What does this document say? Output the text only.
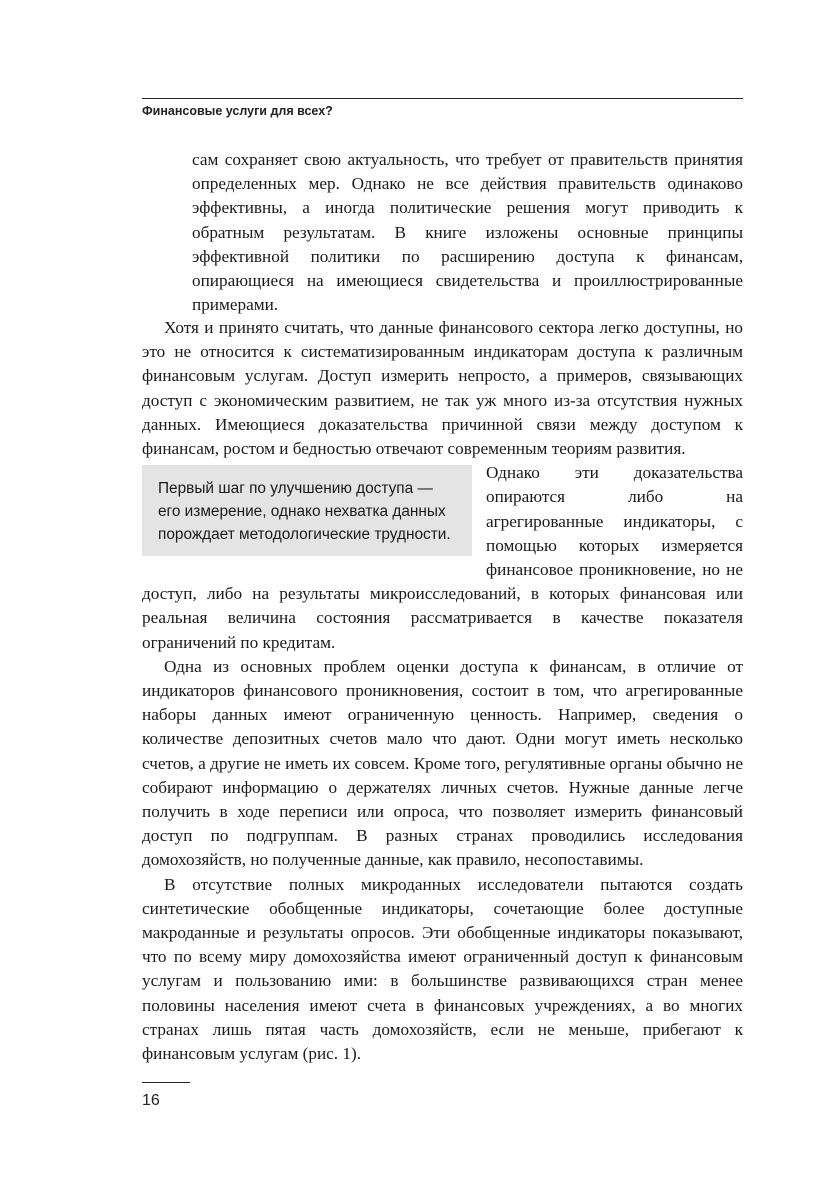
Финансовые услуги для всех?
сам сохраняет свою актуальность, что требует от правительств принятия определенных мер. Однако не все действия правительств одинаково эффективны, а иногда политические решения могут приводить к обратным результатам. В книге изложены основные принципы эффективной политики по расширению доступа к финансам, опирающиеся на имеющиеся свидетельства и проиллюстрированные примерами.

Хотя и принято считать, что данные финансового сектора легко доступны, но это не относится к систематизированным индикаторам доступа к различным финансовым услугам. Доступ измерить непросто, а примеров, связывающих доступ с экономическим развитием, не так уж много из-за отсутствия нужных данных. Имеющиеся доказательства причинной связи между доступом к финансам, ростом и бедностью отвечают современным теориям развития.

Первый шаг по улучшению доступа — его измерение, однако нехватка данных порождает методологические трудности.

Однако эти доказательства опираются либо на агрегированные индикаторы, с помощью которых измеряется финансовое проникновение, но не доступ, либо на результаты микроисследований, в которых финансовая или реальная величина состояния рассматривается в качестве показателя ограничений по кредитам.

Одна из основных проблем оценки доступа к финансам, в отличие от индикаторов финансового проникновения, состоит в том, что агрегированные наборы данных имеют ограниченную ценность. Например, сведения о количестве депозитных счетов мало что дают. Одни могут иметь несколько счетов, а другие не иметь их совсем. Кроме того, регулятивные органы обычно не собирают информацию о держателях личных счетов. Нужные данные легче получить в ходе переписи или опроса, что позволяет измерить финансовый доступ по подгруппам. В разных странах проводились исследования домохозяйств, но полученные данные, как правило, несопоставимы.

В отсутствие полных микроданных исследователи пытаются создать синтетические обобщенные индикаторы, сочетающие более доступные макроданные и результаты опросов. Эти обобщенные индикаторы показывают, что по всему миру домохозяйства имеют ограниченный доступ к финансовым услугам и пользованию ими: в большинстве развивающихся стран менее половины населения имеют счета в финансовых учреждениях, а во многих странах лишь пятая часть домохозяйств, если не меньше, прибегают к финансовым услугам (рис. 1).

16
